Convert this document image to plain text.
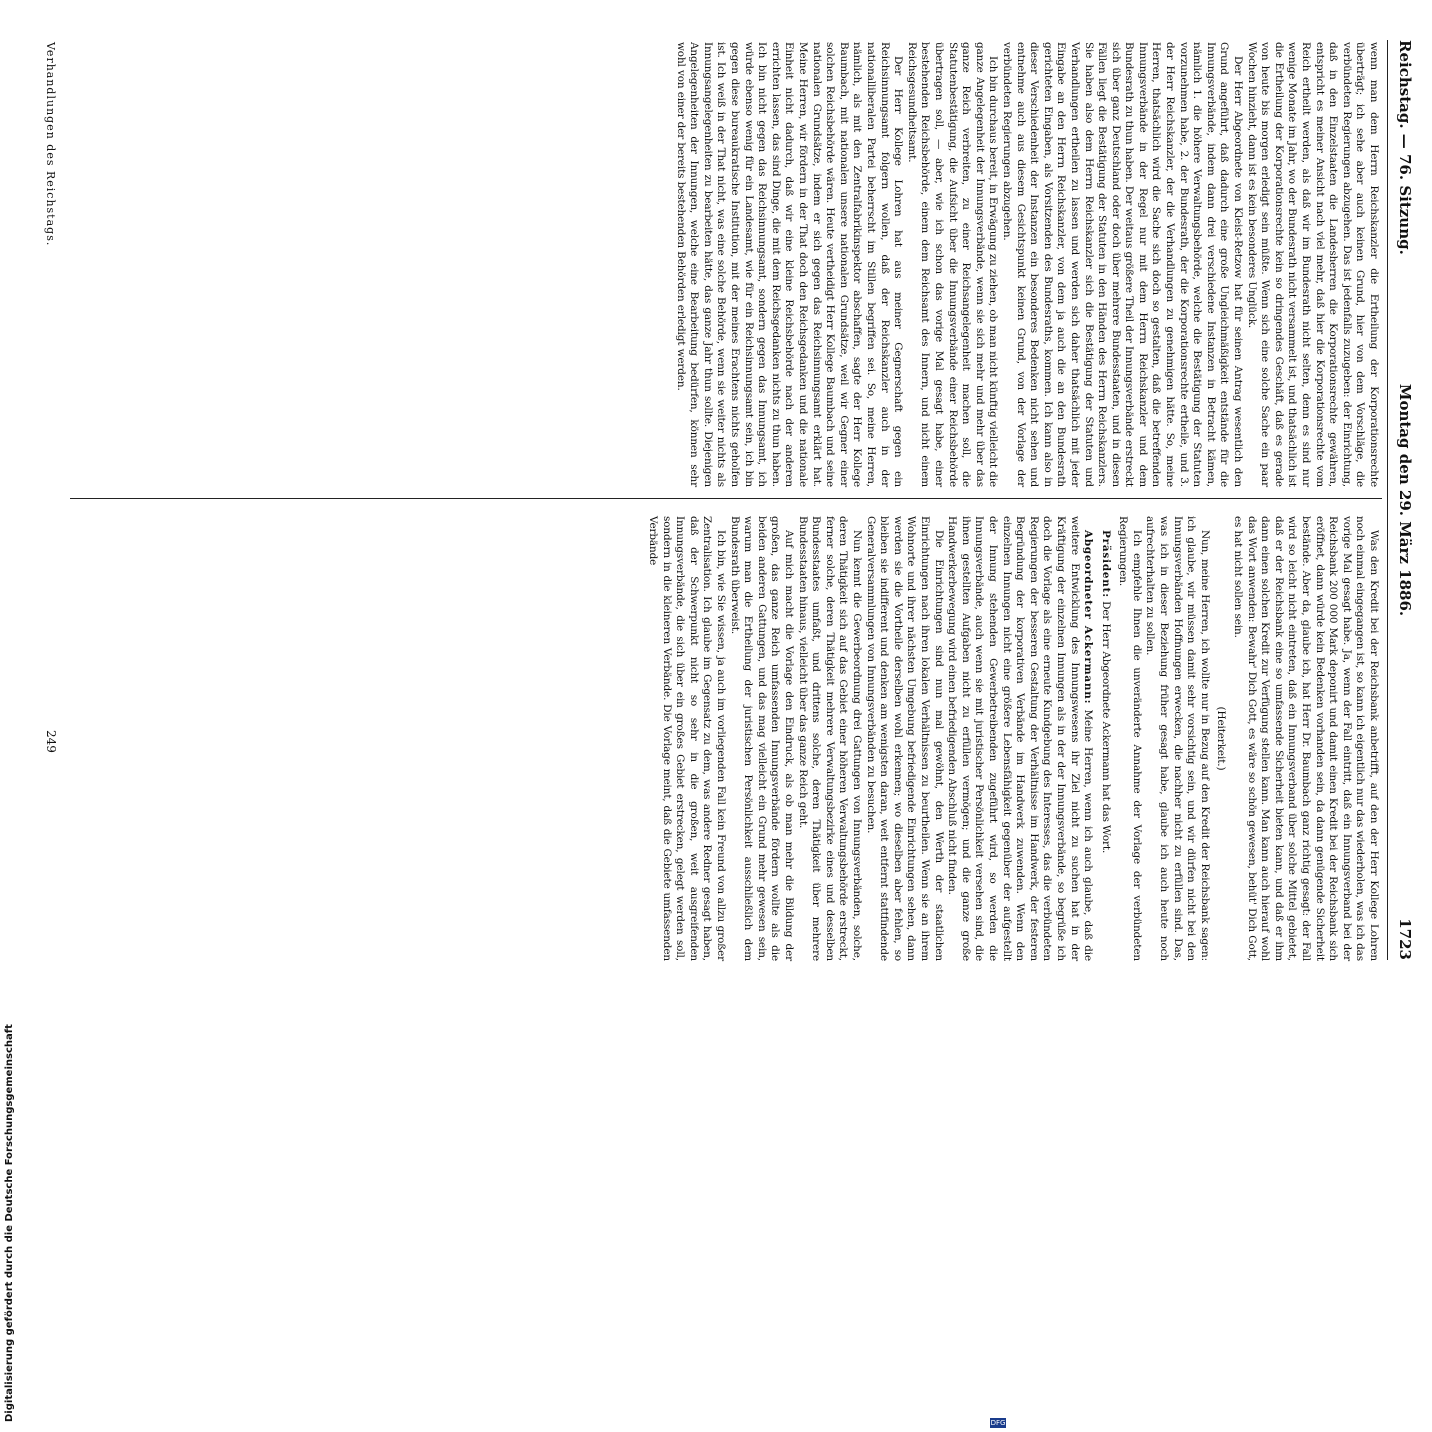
Reichstag. — 76. Sitzung.
Montag den 29. März 1886.
1723

wenn man dem Herrn Reichskanzler die Ertheilung der Korporationsrechte überträgt; ich sehe aber auch keinen Grund, hier von dem Vorschläge, die verbündeten Regierungen abzugehen. Das ist jedenfalls zuzugeben: der Einrichtung, daß in den Einzelstaaten die Landesherren die Korporationsrechte gewähren, entspricht es meiner Ansicht nach viel mehr, daß hier die Korporationsrechte vom Reich ertheilt werden, als daß wir im Bundesrath nicht selten, denn es sind nur wenige Monate im Jahr, wo der Bundesrath nicht versammelt ist, und thatsächlich ist die Ertheilung der Korporationsrechte kein so dringendes Geschäft, daß es gerade von heute bis morgen erledigt sein müßte. Wenn sich eine solche Sache ein paar Wochen hinzieht, dann ist es kein besonderes Unglück.

Der Herr Abgeordnete von Kleist-Retzow hat für seinen Antrag wesentlich den Grund angeführt, daß dadurch eine große Ungleichmäßigkeit entstände für die Innungsverbände, indem dann drei verschiedene Instanzen in Betracht kämen, nämlich 1. die höhere Verwaltungsbehörde, welche die Bestätigung der Statuten vorzunehmen habe, 2. der Bundesrath, der die Korporationsrechte ertheile, und 3. der Herr Reichskanzler, der die Verhandlungen zu genehmigen hätte. So, meine Herren, thatsächlich wird die Sache sich doch so gestalten, daß die betreffenden Innungsverbände in der Regel nur mit dem Herrn Reichskanzler und dem Bundesrath zu thun haben. Der weitaus größere Theil der Innungsverbände erstreckt sich über ganz Deutschland oder doch über mehrere Bundesstaaten, und in diesen Fällen liegt die Bestätigung der Statuten in den Händen des Herrn Reichskanzlers. Sie haben also dem Herrn Reichskanzler sich die Bestätigung der Statuten und Verhandlungen ertheilen zu lassen und werden sich daher thatsächlich mit jeder Eingabe an den Herrn Reichskanzler, von dem ja auch die an den Bundesrath gerichteten Eingaben, als Vorsitzenden des Bundesraths, kommen. Ich kann also in dieser Verschiedenheit der Instanzen ein besonderes Bedenken nicht sehen und entnehme auch aus diesem Gesichtspunkt keinen Grund, von der Vorlage der verbündeten Regierungen abzugehen.

Ich bin durchaus bereit, in Erwägung zu ziehen, ob man nicht künftig vielleicht die ganze Angelegenheit der Innungsverbände, wenn sie sich mehr und mehr über das ganze Reich verbreiten, zu einer Reichsangelegenheit machen soll, die Statutenbestätigung, die Aufsicht über die Innungsverbände einer Reichsbehörde übertragen soll, — aber, wie ich schon das vorige Mal gesagt habe, einer bestehenden Reichsbehörde, einem dem Reichsamt des Innern, und nicht einem Reichsgesundheitsamt.

Der Herr Kollege Lohren hat aus meiner Gegnerschaft gegen ein Reichsinnungsamt folgern wollen, daß der Reichskanzler auch in der nationalliberalen Partei beherrscht im Stillen begriffen sei. So, meine Herren, nämlich, als mit den Zentralfabrikinspektor abschaffen, sagte der Herr Kollege Baumbach, mit nationalen unsere nationalen Grundsätze, weil wir Gegner einer solchen Reichsbehörde wären. Heute vertheidigt Herr Kollege Baumbach und seine nationalen Grundsätze, indem er sich gegen das Reichsinnungsamt erklärt hat. Meine Herren, wir fördern in der That doch den Reichsgedanken und die nationale Einheit nicht dadurch, daß wir eine kleine Reichsbehörde nach der anderen errichten lassen, das sind Dinge, die mit dem Reichsgedanken nichts zu thun haben. Ich bin nicht gegen das Reichsinnungsamt, sondern gegen das Innungsamt, ich würde ebenso wenig für ein Landesamt, wie für ein Reichsinnungsamt sein, ich bin gegen diese bureaukratische Institution, mit der meines Erachtens nichts geholfen ist. Ich weiß in der That nicht, was eine solche Behörde, wenn sie weiter nichts als Innungsangelegenheiten zu bearbeiten hätte, das ganze Jahr thun sollte. Diejenigen Angelegenheiten der Innungen, welche eine Bearbeitung bedürfen, können sehr wohl von einer der bereits bestehenden Behörden erledigt werden.

Was den Kredit bei der Reichsbank anbetrifft, auf den der Herr Kollege Lohren noch einmal eingegangen ist, so kann ich eigentlich nur das wiederholen, was ich das vorige Mal gesagt habe. Ja, wenn der Fall eintritt, daß ein Innungsverband bei der Reichsbank 200 000 Mark deponirt und damit einen Kredit bei der Reichsbank sich eröffnet, dann würde kein Bedenken vorhanden sein, da dann genügende Sicherheit bestände. Aber da, glaube ich, hat Herr Dr. Baumbach ganz richtig gesagt: der Fall wird so leicht nicht eintreten, daß ein Innungsverband über solche Mittel gebietet, daß er der Reichsbank eine so umfassende Sicherheit bieten kann, und daß er ihm dann einen solchen Kredit zur Verfügung stellen kann. Man kann auch hierauf wohl das Wort anwenden: Bewahr' Dich Gott, es wäre so schön gewesen, behüt' Dich Gott, es hat nicht sollen sein.

(Heiterkeit.)

Nun, meine Herren, ich wollte nur in Bezug auf den Kredit der Reichsbank sagen: ich glaube, wir müssen damit sehr vorsichtig sein, und wir dürfen nicht bei den Innungsverbänden Hoffnungen erwecken, die nachher nicht zu erfüllen sind. Das, was ich in dieser Beziehung früher gesagt habe, glaube ich auch heute noch aufrechterhalten zu sollen.

Ich empfehle Ihnen die unveränderte Annahme der Vorlage der verbündeten Regierungen.

Präsident: Der Herr Abgeordnete Ackermann hat das Wort.

Abgeordneter Ackermann: Meine Herren, wenn ich auch glaube, daß die weitere Entwicklung des Innungswesens ihr Ziel nicht zu suchen hat in der Kräftigung der einzelnen Innungen als in der der Innungsverbände, so begrüße ich doch die Vorlage als eine erneute Kundgebung des Interesses, das die verbündeten Regierungen der besseren Gestaltung der Verhältnisse im Handwerk, der festeren Begründung der korporativen Verbände im Handwerk zuwenden. Wenn den einzelnen Innungen nicht eine größere Lebensfähigkeit gegenüber der aufgestellt der Innung stehenden Gewerbetreibenden zugeführt wird, so werden die Innungsverbände, auch wenn sie mit juristischer Persönlichkeit versehen sind, die ihnen gestellten Aufgaben nicht zu erfüllen vermögen; und die ganze große Handwerkerbewegung wird einen befriedigenden Abschluß nicht finden.

Die Einrichtungen sind nun mal gewöhnt, den Werth der staatlichen Einrichtungen nach ihren lokalen Verhältnissen zu beurtheilen. Wenn sie an ihrem Wohnorte und ihrer nächsten Umgebung befriedigende Einrichtungen sehen, dann werden sie die Vortheile derselben wohl erkennen; wo dieselben aber fehlen, so bleiben sie indifferent und denken am wenigsten daran, weit entfernt stattfindende Generalversammlungen von Innungsverbänden zu besuchen.

Nun kennt die Gewerbeordnung drei Gattungen von Innungsverbänden, solche, deren Thätigkeit sich auf das Gebiet einer höheren Verwaltungsbehörde erstreckt, ferner solche, deren Thätigkeit mehrere Verwaltungsbezirke eines und desselben Bundesstaates umfaßt, und drittens solche, deren Thätigkeit über mehrere Bundesstaaten hinaus, vielleicht über das ganze Reich geht.

Auf mich macht die Vorlage den Eindruck, als ob man mehr die Bildung der großen, das ganze Reich umfassenden Innungsverbände fördern wollte als die beiden anderen Gattungen, und das mag vielleicht ein Grund mehr gewesen sein, warum man die Ertheilung der juristischen Persönlichkeit ausschließlich dem Bundesrath überweist.

Ich bin, wie Sie wissen, ja auch im vorliegenden Fall kein Freund von allzu großer Zentralisation. Ich glaube im Gegensatz zu dem, was andere Redner gesagt haben, daß der Schwerpunkt nicht so sehr in die großen, weit ausgreifenden Innungsverbände, die sich über ein großes Gebiet erstrecken, gelegt werden soll, sondern in die kleineren Verbände. Die Vorlage meint, daß die Gebiete umfassenden Verbände

Verhandlungen des Reichstags.
249
Digitalisierung gefördert durch die Deutsche Forschungsgemeinschaft
DFG
